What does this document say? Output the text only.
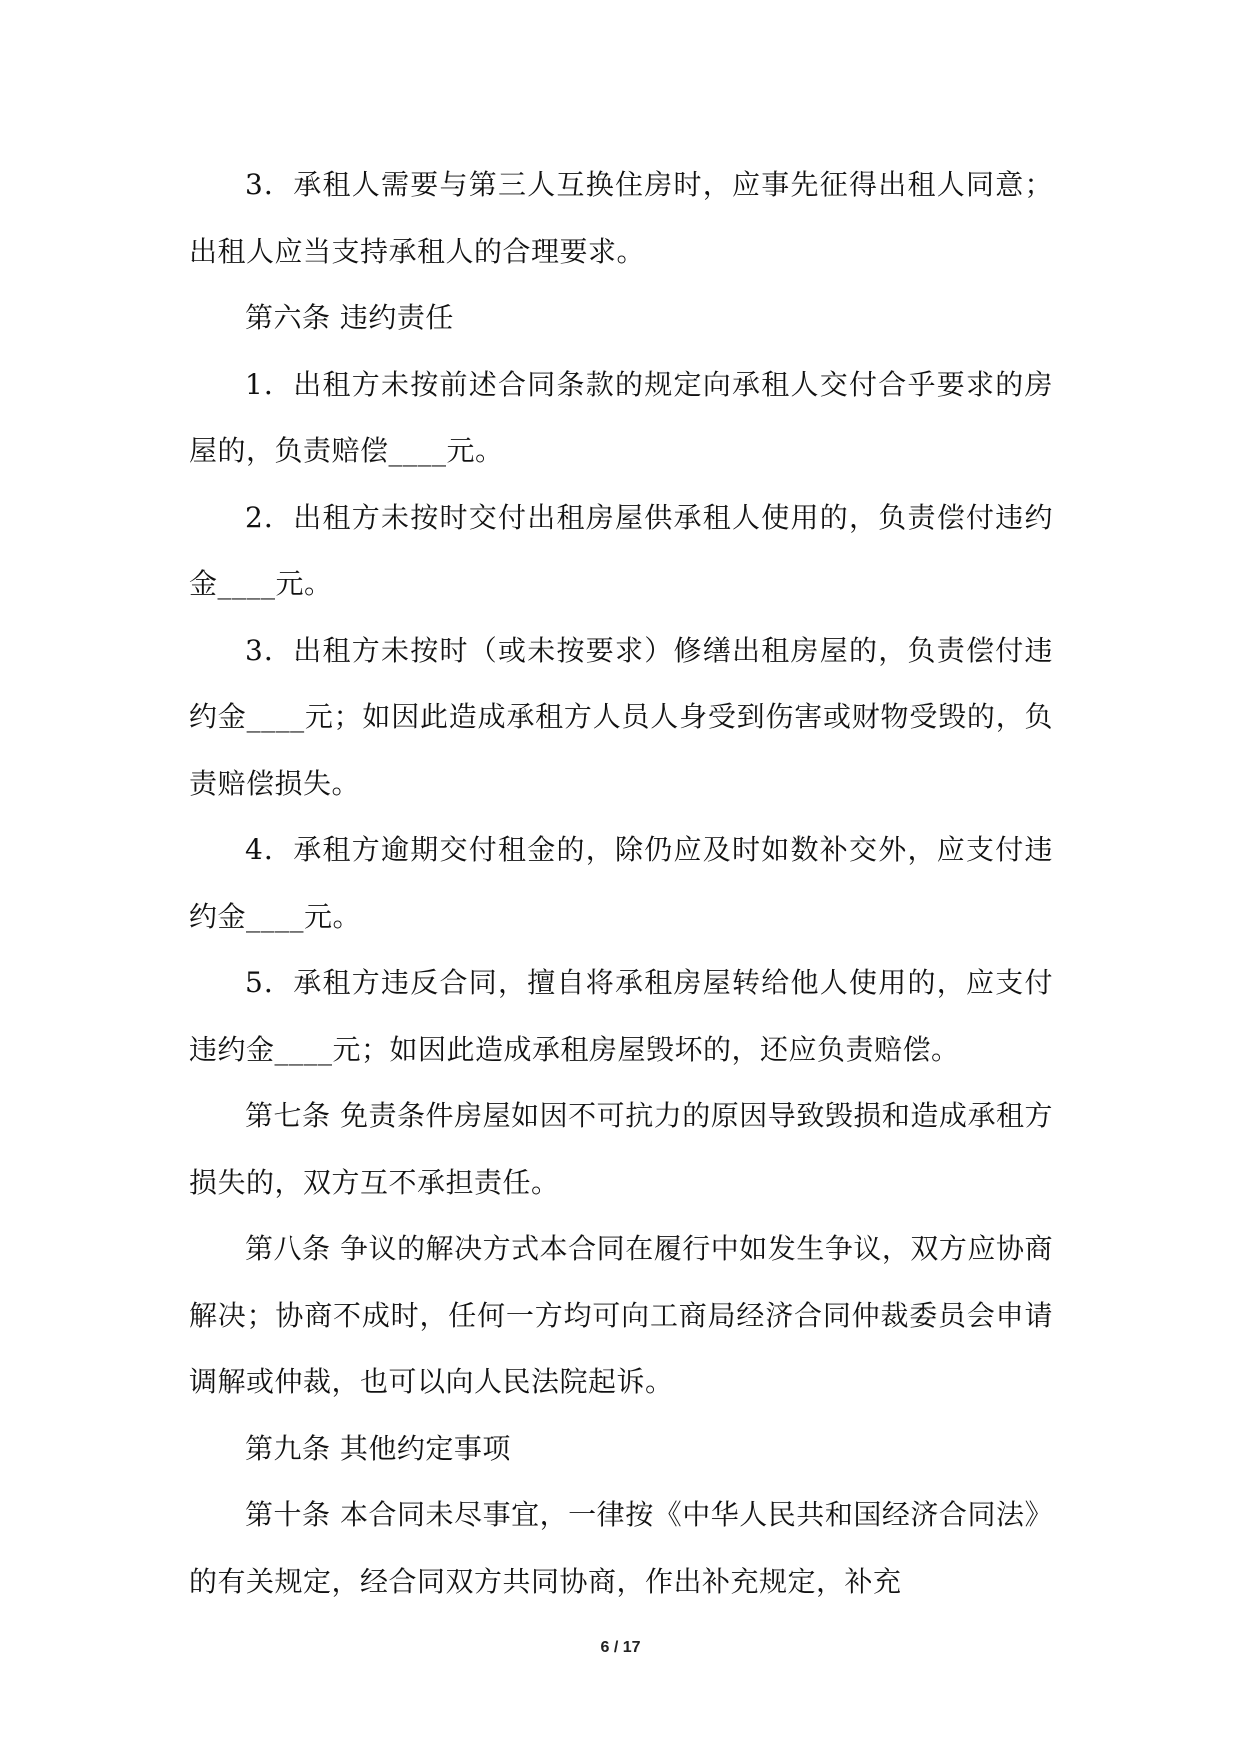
3．承租人需要与第三人互换住房时，应事先征得出租人同意；出租人应当支持承租人的合理要求。

第六条 违约责任

1．出租方未按前述合同条款的规定向承租人交付合乎要求的房屋的，负责赔偿____元。

2．出租方未按时交付出租房屋供承租人使用的，负责偿付违约金____元。

3．出租方未按时（或未按要求）修缮出租房屋的，负责偿付违约金____元；如因此造成承租方人员人身受到伤害或财物受毁的，负责赔偿损失。

4．承租方逾期交付租金的，除仍应及时如数补交外，应支付违约金____元。

5．承租方违反合同，擅自将承租房屋转给他人使用的，应支付违约金____元；如因此造成承租房屋毁坏的，还应负责赔偿。

第七条 免责条件房屋如因不可抗力的原因导致毁损和造成承租方损失的，双方互不承担责任。

第八条 争议的解决方式本合同在履行中如发生争议，双方应协商解决；协商不成时，任何一方均可向工商局经济合同仲裁委员会申请调解或仲裁，也可以向人民法院起诉。

第九条 其他约定事项

第十条 本合同未尽事宜，一律按《中华人民共和国经济合同法》的有关规定，经合同双方共同协商，作出补充规定，补充

6 / 17
